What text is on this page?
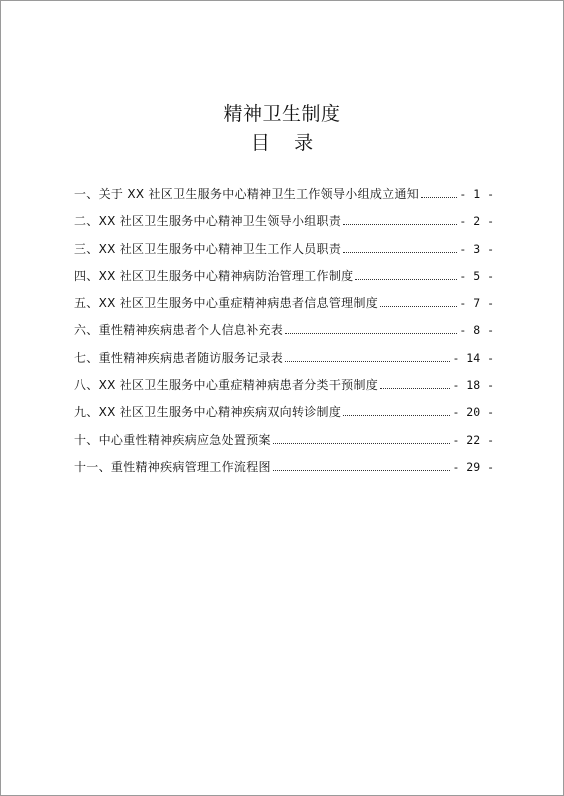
精神卫生制度
目    录
一、关于 XX 社区卫生服务中心精神卫生工作领导小组成立通知	- 1 -
二、XX 社区卫生服务中心精神卫生领导小组职责	- 2 -
三、XX 社区卫生服务中心精神卫生工作人员职责	- 3 -
四、XX 社区卫生服务中心精神病防治管理工作制度	- 5 -
五、XX 社区卫生服务中心重症精神病患者信息管理制度	- 7 -
六、重性精神疾病患者个人信息补充表	- 8 -
七、重性精神疾病患者随访服务记录表	- 14 -
八、XX 社区卫生服务中心重症精神病患者分类干预制度	- 18 -
九、XX 社区卫生服务中心精神疾病双向转诊制度	- 20 -
十、中心重性精神疾病应急处置预案	- 22 -
十一、重性精神疾病管理工作流程图	- 29 -
